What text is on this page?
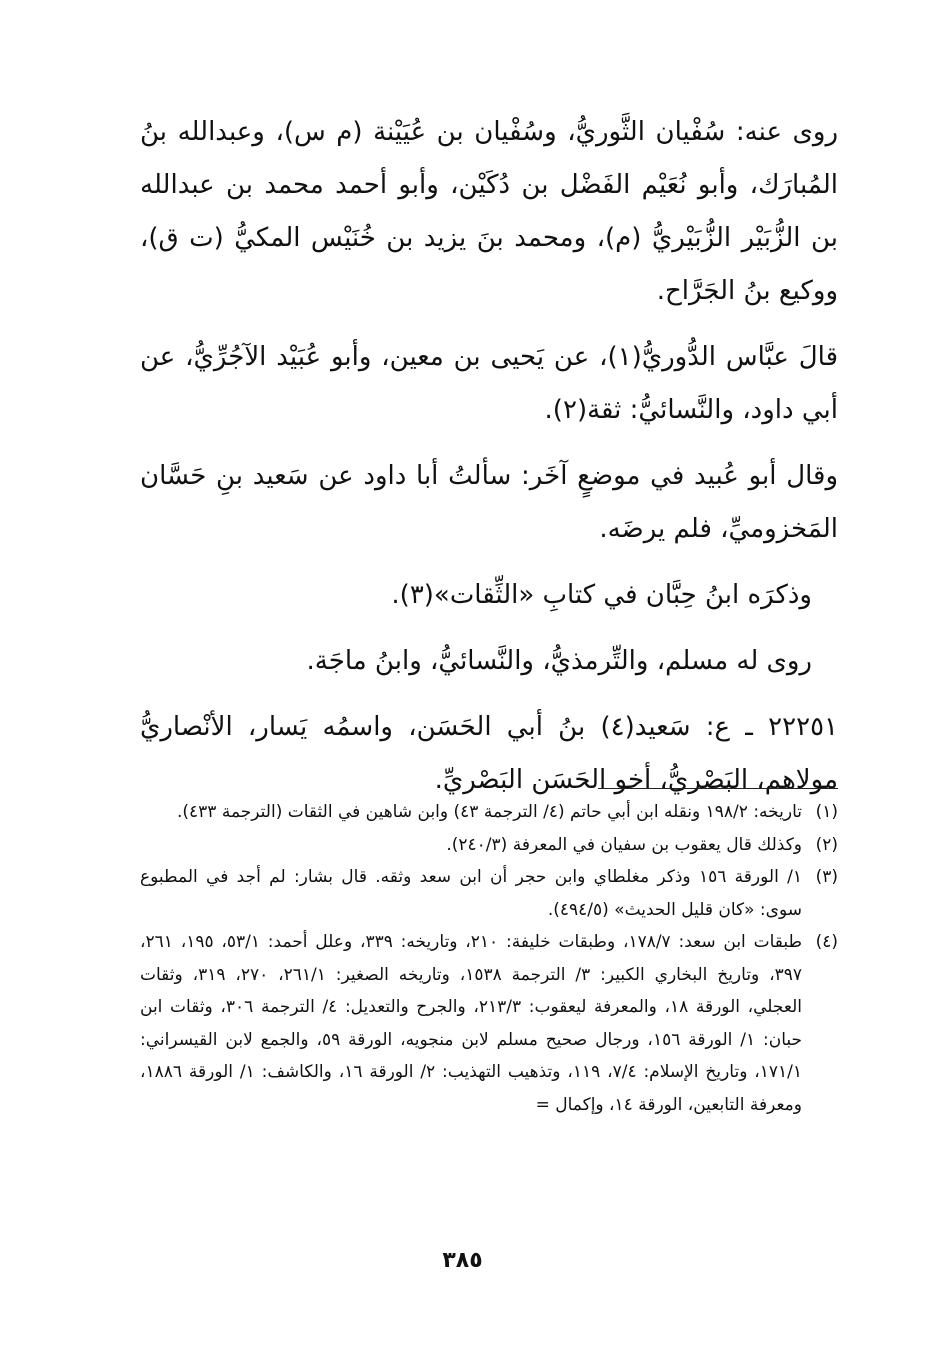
روى عنه: سُفْيان الثَّوريُّ، وسُفْيان بن عُيَيْنة (م س)، وعبدالله بنُ المُبارَك، وأبو نُعَيْم الفَضْل بن دُكَيْن، وأبو أحمد محمد بن عبدالله بن الزُّبَيْر الزُّبَيْريُّ (م)، ومحمد بنَ يزيد بن خُنَيْس المكيُّ (ت ق)، ووكيع بنُ الجَرَّاح.

قالَ عبَّاس الدُّوريُّ(١)، عن يَحيى بن معين، وأبو عُبَيْد الآجُرِّيُّ، عن أبي داود، والنَّسائيُّ: ثقة(٢).

وقال أبو عُبيد في موضعٍ آخَر: سألتُ أبا داود عن سَعيد بنِ حَسَّان المَخزوميِّ، فلم يرضَه.

وذكرَه ابنُ حِبَّان في كتابِ «الثِّقات»(٣).

روى له مسلم، والتِّرمذيُّ، والنَّسائيُّ، وابنُ ماجَة.

٢٢٢٥١ ـ ع: سَعيد(٤) بنُ أبي الحَسَن، واسمُه يَسار، الأنْصاريُّ مولاهم، البَصْريُّ، أخو الحَسَن البَصْريِّ.

(١)
تاريخه: ١٩٨/٢ ونقله ابن أبي حاتم (٤/ الترجمة ٤٣) وابن شاهين في الثقات (الترجمة ٤٣٣).
(٢)
وكذلك قال يعقوب بن سفيان في المعرفة (٢٤٠/٣).
(٣)
١/ الورقة ١٥٦ وذكر مغلطاي وابن حجر أن ابن سعد وثقه. قال بشار: لم أجد في المطبوع سوى: «كان قليل الحديث» (٤٩٤/٥).
(٤)
طبقات ابن سعد: ١٧٨/٧، وطبقات خليفة: ٢١٠، وتاريخه: ٣٣٩، وعلل أحمد: ٥٣/١، ١٩٥، ٢٦١، ٣٩٧، وتاريخ البخاري الكبير: ٣/ الترجمة ١٥٣٨، وتاريخه الصغير: ٢٦١/١، ٢٧٠، ٣١٩، وثقات العجلي، الورقة ١٨، والمعرفة ليعقوب: ٢١٣/٣، والجرح والتعديل: ٤/ الترجمة ٣٠٦، وثقات ابن حبان: ١/ الورقة ١٥٦، ورجال صحيح مسلم لابن منجويه، الورقة ٥٩، والجمع لابن القيسراني: ١٧١/١، وتاريخ الإسلام: ٧/٤، ١١٩، وتذهيب التهذيب: ٢/ الورقة ١٦، والكاشف: ١/ الورقة ١٨٨٦، ومعرفة التابعين، الورقة ١٤، وإكمال =
٣٨٥
